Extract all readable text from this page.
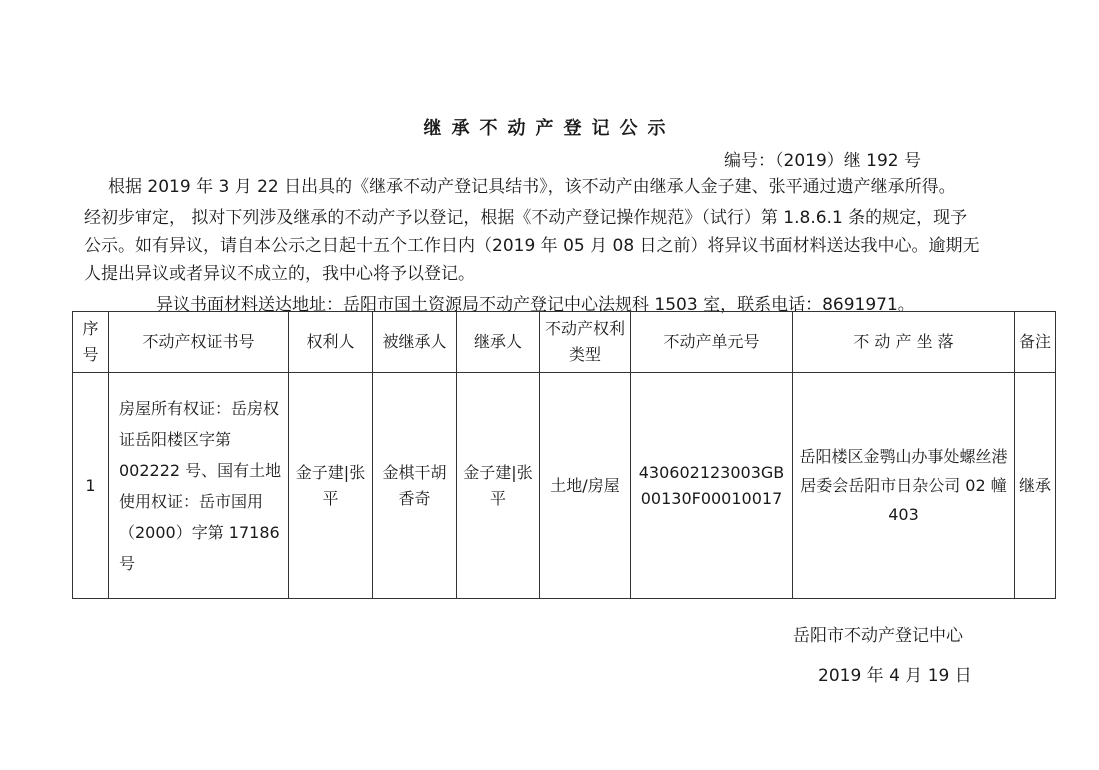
继承不动产登记公示
编号：（2019）继 192 号
根据 2019 年 3 月 22 日出具的《继承不动产登记具结书》，该不动产由继承人金子建、张平通过遗产继承所得。
经初步审定， 拟对下列涉及继承的不动产予以登记，根据《不动产登记操作规范》（试行）第 1.8.6.1 条的规定，现予
公示。如有异议，请自本公示之日起十五个工作日内（2019 年 05 月 08 日之前）将异议书面材料送达我中心。逾期无
人提出异议或者异议不成立的，我中心将予以登记。
异议书面材料送达地址：岳阳市国土资源局不动产登记中心法规科 1503 室，联系电话：8691971。
序号	不动产权证书号	权利人	被继承人	继承人	不动产权利类型	不动产单元号	不 动 产 坐 落	备注
1	房屋所有权证：岳房权证岳阳楼区字第002222 号、国有土地使用权证：岳市国用（2000）字第 17186号	金子建|张平	金棋干胡香奇	金子建|张平	土地/房屋	430602123003GB00130F00010017	岳阳楼区金鹗山办事处螺丝港居委会岳阳市日杂公司 02 幢 403	继承
岳阳市不动产登记中心
2019 年 4 月 19 日
